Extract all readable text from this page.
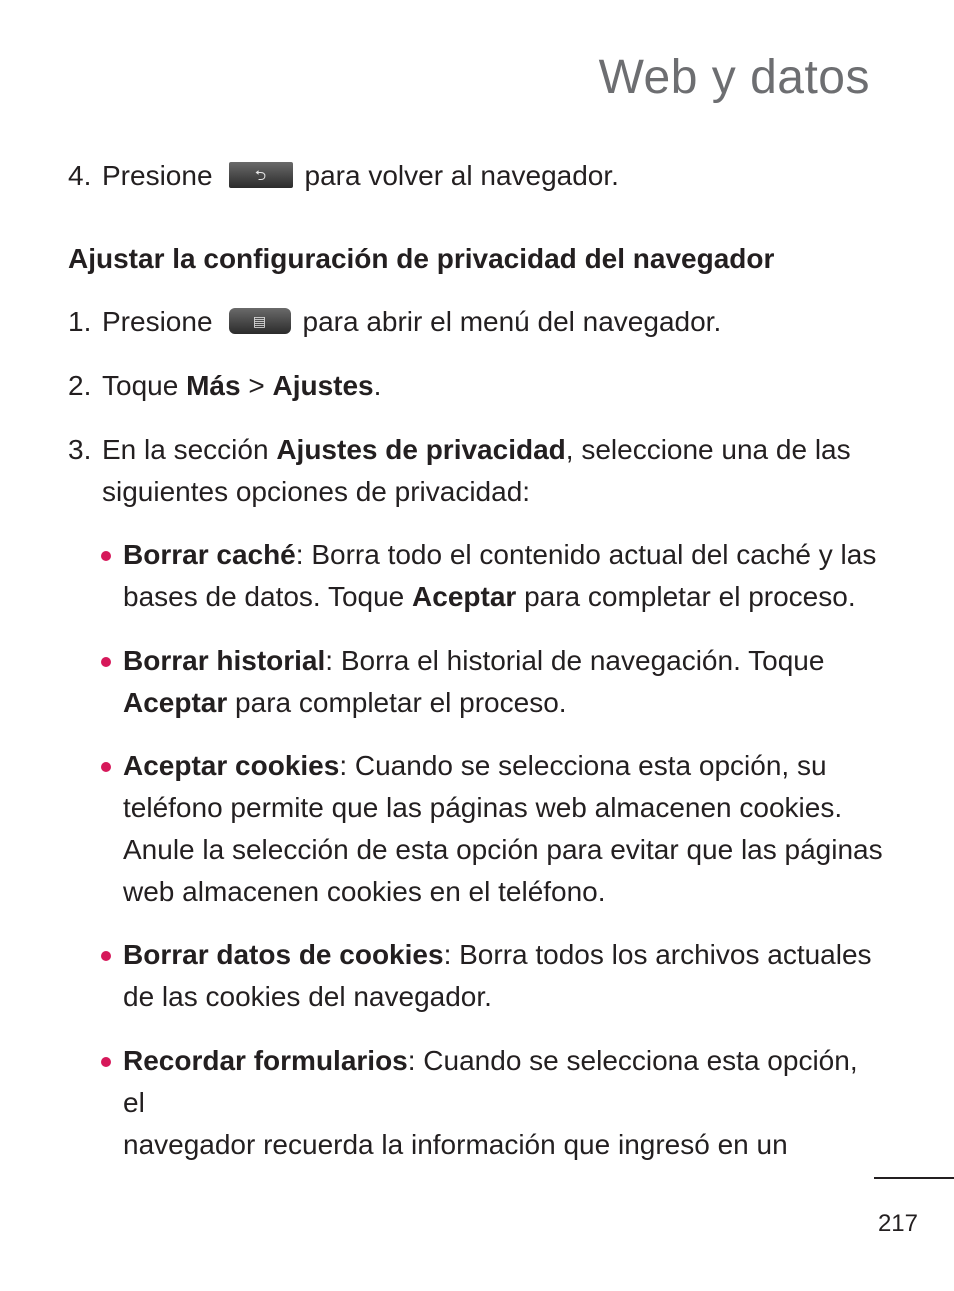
Web y datos
4. Presione	⮌ para volver al navegador.
Ajustar la configuración de privacidad del navegador
1. Presione	▤ para abrir el menú del navegador.
2. Toque Más > Ajustes.
3. En la sección Ajustes de privacidad, seleccione una de las
siguientes opciones de privacidad:

Borrar caché: Borra todo el contenido actual del caché y las

bases de datos. Toque Aceptar para completar el proceso.

Borrar historial: Borra el historial de navegación. Toque

Aceptar para completar el proceso.

Aceptar cookies: Cuando se selecciona esta opción, su

teléfono permite que las páginas web almacenen cookies.

Anule la selección de esta opción para evitar que las páginas

web almacenen cookies en el teléfono.

Borrar datos de cookies: Borra todos los archivos actuales

de las cookies del navegador.

Recordar formularios: Cuando se selecciona esta opción, el

navegador recuerda la información que ingresó en un

217
